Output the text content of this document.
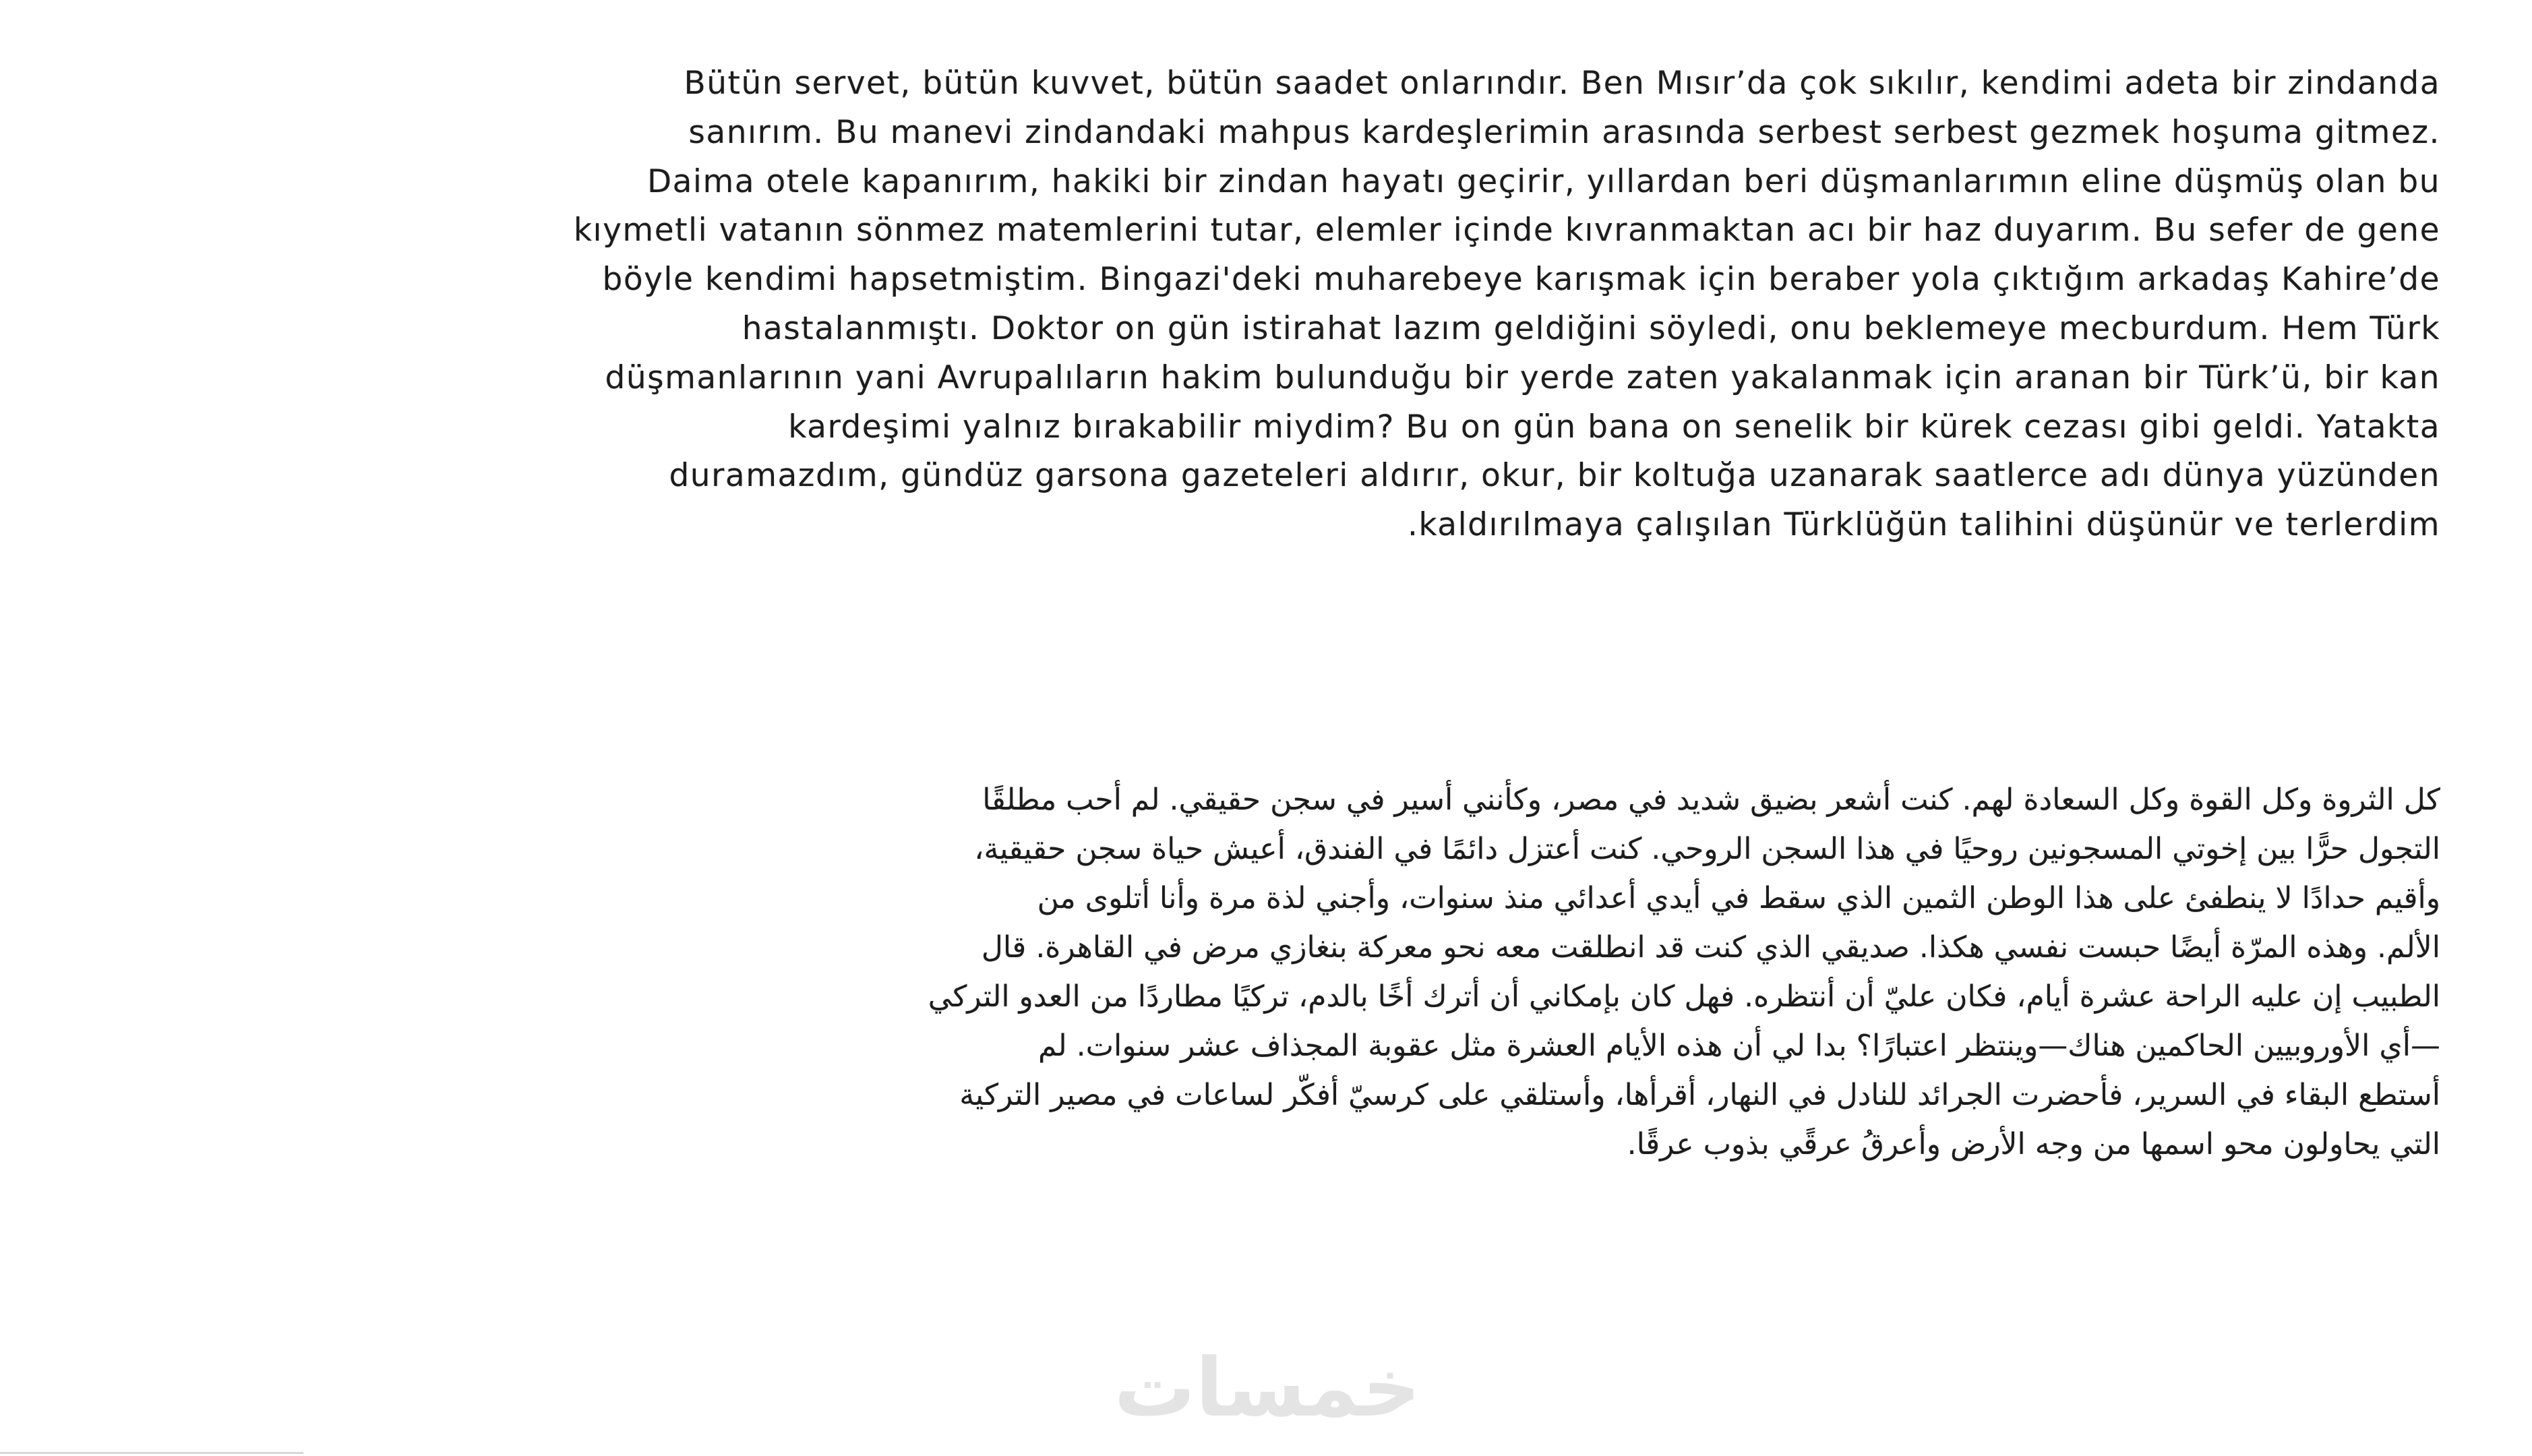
Bütün servet, bütün kuvvet, bütün saadet onlarındır. Ben Mısır’da çok sıkılır, kendimi adeta bir zindanda
sanırım. Bu manevi zindandaki mahpus kardeşlerimin arasında serbest serbest gezmek hoşuma gitmez.
Daima otele kapanırım, hakiki bir zindan hayatı geçirir, yıllardan beri düşmanlarımın eline düşmüş olan bu
kıymetli vatanın sönmez matemlerini tutar, elemler içinde kıvranmaktan acı bir haz duyarım. Bu sefer de gene
böyle kendimi hapsetmiştim. Bingazi'deki muharebeye karışmak için beraber yola çıktığım arkadaş Kahire’de
hastalanmıştı. Doktor on gün istirahat lazım geldiğini söyledi, onu beklemeye mecburdum. Hem Türk
düşmanlarının yani Avrupalıların hakim bulunduğu bir yerde zaten yakalanmak için aranan bir Türk’ü, bir kan
kardeşimi yalnız bırakabilir miydim? Bu on gün bana on senelik bir kürek cezası gibi geldi. Yatakta
duramazdım, gündüz garsona gazeteleri aldırır, okur, bir koltuğa uzanarak saatlerce adı dünya yüzünden
.kaldırılmaya çalışılan Türklüğün talihini düşünür ve terlerdim
كل الثروة وكل القوة وكل السعادة لهم. كنت أشعر بضيق شديد في مصر، وكأنني أسير في سجن حقيقي. لم أحب مطلقًا
التجول حرًّا بين إخوتي المسجونين روحيًا في هذا السجن الروحي. كنت أعتزل دائمًا في الفندق، أعيش حياة سجن حقيقية،
وأقيم حدادًا لا ينطفئ على هذا الوطن الثمين الذي سقط في أيدي أعدائي منذ سنوات، وأجني لذة مرة وأنا أتلوى من
الألم. وهذه المرّة أيضًا حبست نفسي هكذا. صديقي الذي كنت قد انطلقت معه نحو معركة بنغازي مرض في القاهرة. قال
الطبيب إن عليه الراحة عشرة أيام، فكان عليّ أن أنتظره. فهل كان بإمكاني أن أترك أخًا بالدم، تركيًا مطاردًا من العدو التركي
—أي الأوروبيين الحاكمين هناك—وينتظر اعتبارًا؟ بدا لي أن هذه الأيام العشرة مثل عقوبة المجذاف عشر سنوات. لم
أستطع البقاء في السرير، فأحضرت الجرائد للنادل في النهار، أقرأها، وأستلقي على كرسيّ أفكّر لساعات في مصير التركية
التي يحاولون محو اسمها من وجه الأرض وأعرقُ عرقًي بذوب عرقًا.
خمسات
